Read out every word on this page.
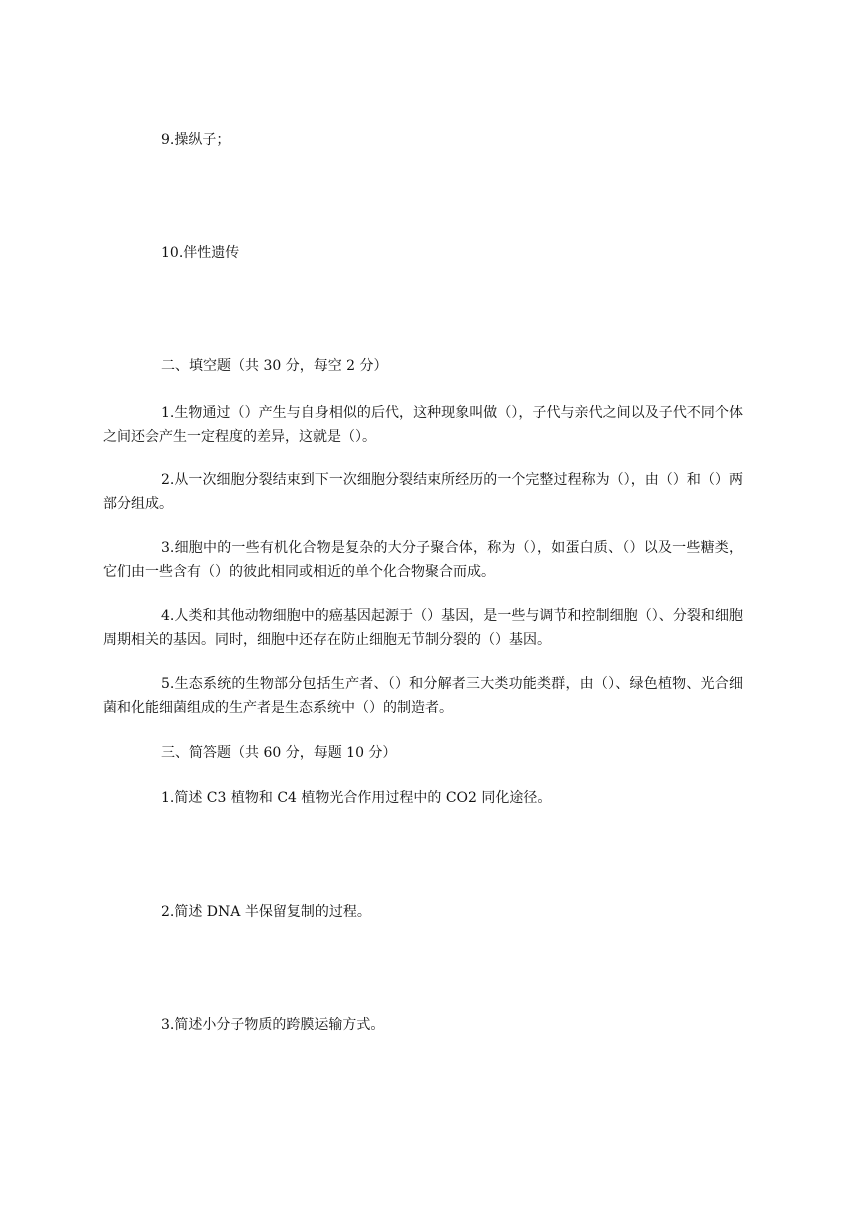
9.操纵子；
10.伴性遗传
二、填空题（共 30 分，每空 2 分）
1.生物通过（）产生与自身相似的后代，这种现象叫做（），子代与亲代之间以及子代不同个体之间还会产生一定程度的差异，这就是（）。
2.从一次细胞分裂结束到下一次细胞分裂结束所经历的一个完整过程称为（），由（）和（）两部分组成。
3.细胞中的一些有机化合物是复杂的大分子聚合体，称为（），如蛋白质、（）以及一些糖类，它们由一些含有（）的彼此相同或相近的单个化合物聚合而成。
4.人类和其他动物细胞中的癌基因起源于（）基因，是一些与调节和控制细胞（）、分裂和细胞周期相关的基因。同时，细胞中还存在防止细胞无节制分裂的（）基因。
5.生态系统的生物部分包括生产者、（）和分解者三大类功能类群，由（）、绿色植物、光合细菌和化能细菌组成的生产者是生态系统中（）的制造者。
三、简答题（共 60 分，每题 10 分）
1.简述 C3 植物和 C4 植物光合作用过程中的 CO2 同化途径。
2.简述 DNA 半保留复制的过程。
3.简述小分子物质的跨膜运输方式。
